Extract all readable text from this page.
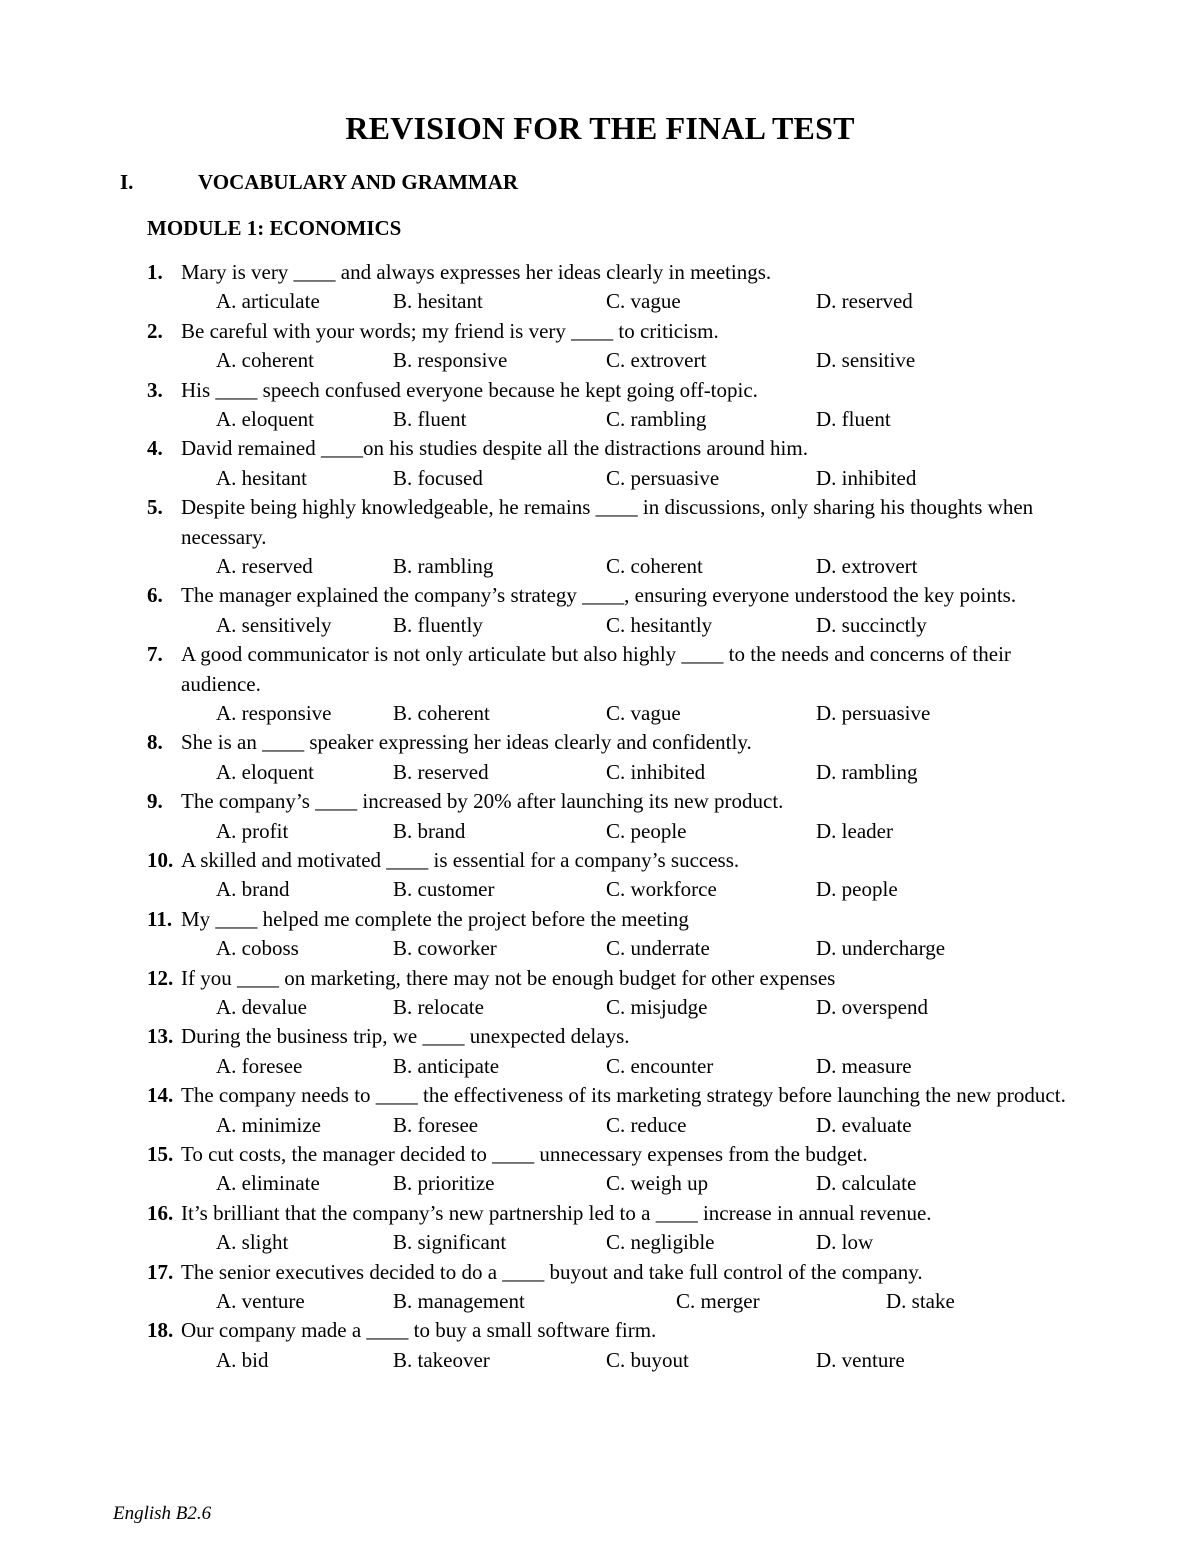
REVISION FOR THE FINAL TEST
I.	VOCABULARY AND GRAMMAR
MODULE 1: ECONOMICS
1. Mary is very ____ and always expresses her ideas clearly in meetings.
A. articulate	B. hesitant	C. vague	D. reserved
2. Be careful with your words; my friend is very ____ to criticism.
A. coherent	B. responsive	C. extrovert	D. sensitive
3. His ____ speech confused everyone because he kept going off-topic.
A. eloquent	B. fluent	C. rambling	D. fluent
4. David remained ____on his studies despite all the distractions around him.
A. hesitant	B. focused	C. persuasive	D. inhibited
5. Despite being highly knowledgeable, he remains ____ in discussions, only sharing his thoughts when necessary.
A. reserved	B. rambling	C. coherent	D. extrovert
6. The manager explained the company’s strategy ____, ensuring everyone understood the key points.
A. sensitively	B. fluently	C. hesitantly	D. succinctly
7. A good communicator is not only articulate but also highly ____ to the needs and concerns of their audience.
A. responsive	B. coherent	C. vague	D. persuasive
8. She is an ____ speaker expressing her ideas clearly and confidently.
A. eloquent	B. reserved	C. inhibited	D. rambling
9. The company’s ____ increased by 20% after launching its new product.
A. profit	B. brand	C. people	D. leader
10. A skilled and motivated ____ is essential for a company’s success.
A. brand	B. customer	C. workforce	D. people
11. My ____ helped me complete the project before the meeting
A. coboss	B. coworker	C. underrate	D. undercharge
12. If you ____ on marketing, there may not be enough budget for other expenses
A. devalue	B. relocate	C. misjudge	D. overspend
13. During the business trip, we ____ unexpected delays.
A. foresee	B. anticipate	C. encounter	D. measure
14. The company needs to ____ the effectiveness of its marketing strategy before launching the new product.
A. minimize	B. foresee	C. reduce	D. evaluate
15. To cut costs, the manager decided to ____ unnecessary expenses from the budget.
A. eliminate	B. prioritize	C. weigh up	D. calculate
16. It’s brilliant that the company’s new partnership led to a ____ increase in annual revenue.
A. slight	B. significant	C. negligible	D. low
17. The senior executives decided to do a ____ buyout and take full control of the company.
A. venture	B. management	C. merger	D. stake
18. Our company made a ____ to buy a small software firm.
A. bid	B. takeover	C. buyout	D. venture
English B2.6
